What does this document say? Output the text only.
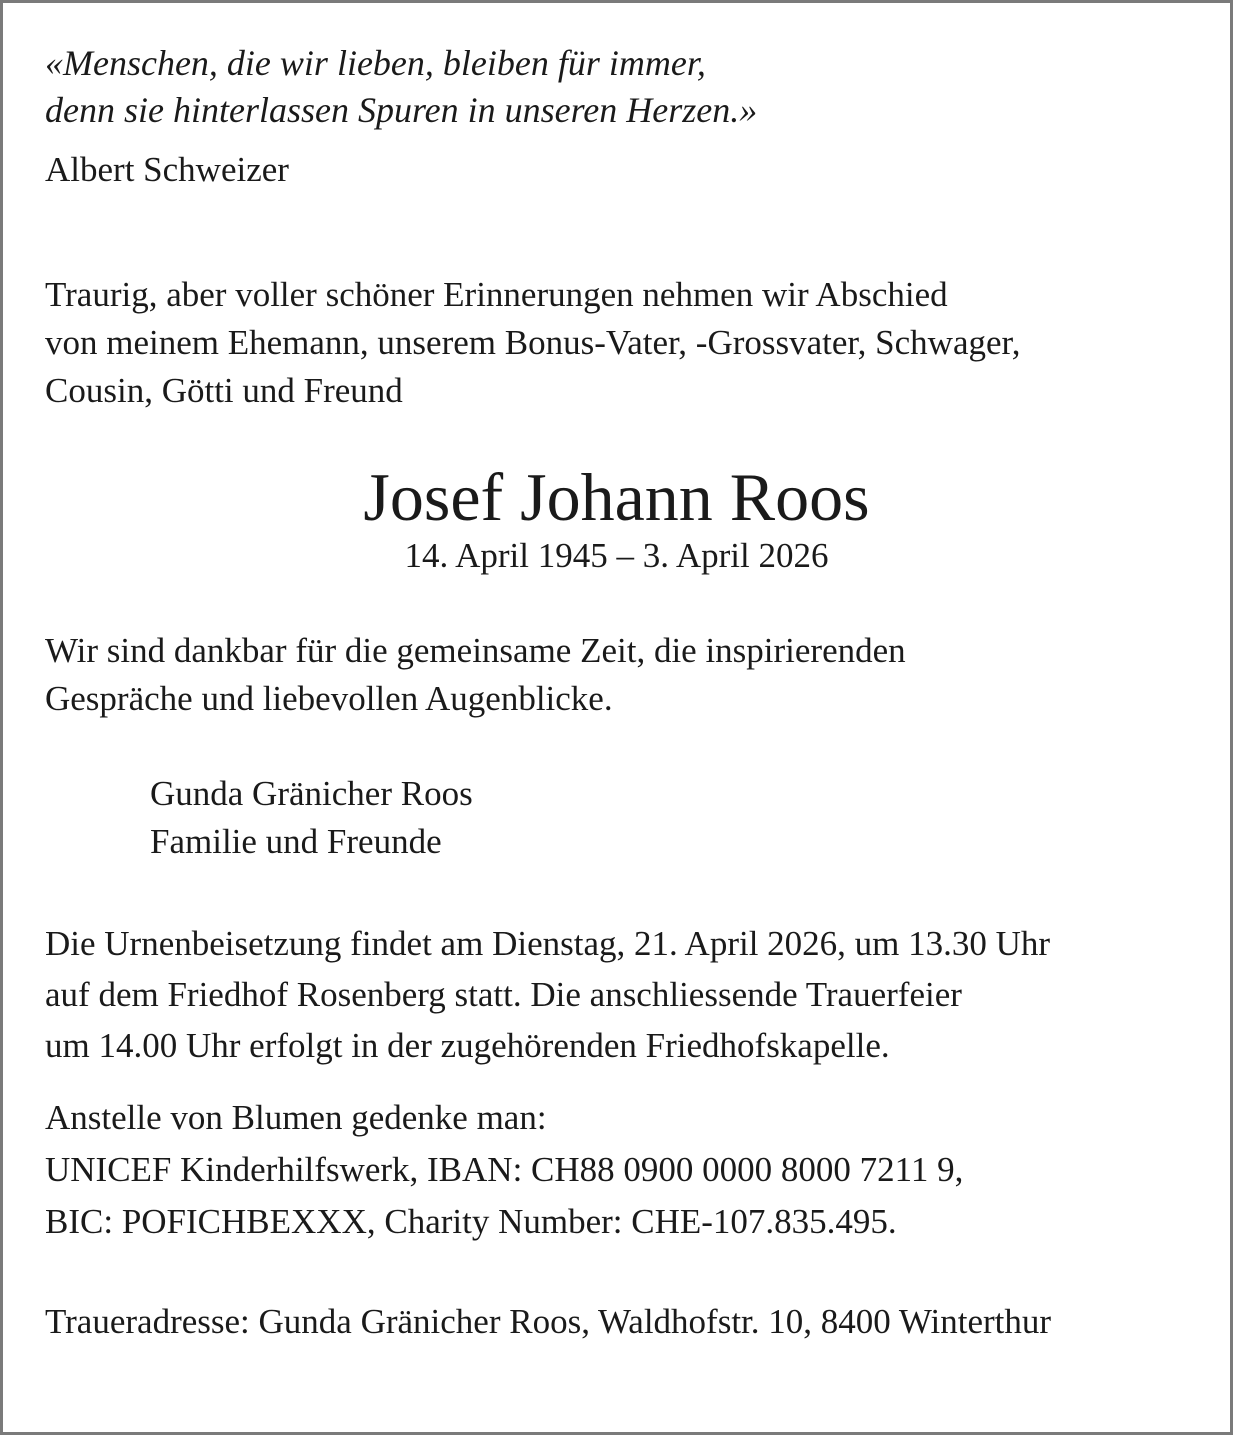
«Menschen, die wir lieben, bleiben für immer,
denn sie hinterlassen Spuren in unseren Herzen.»
Albert Schweizer
Traurig, aber voller schöner Erinnerungen nehmen wir Abschied
von meinem Ehemann, unserem Bonus-Vater, -Grossvater, Schwager,
Cousin, Götti und Freund
Josef Johann Roos
14. April 1945 – 3. April 2026
Wir sind dankbar für die gemeinsame Zeit, die inspirierenden
Gespräche und liebevollen Augenblicke.
Gunda Gränicher Roos
Familie und Freunde
Die Urnenbeisetzung findet am Dienstag, 21. April 2026, um 13.30 Uhr
auf dem Friedhof Rosenberg statt. Die anschliessende Trauerfeier
um 14.00 Uhr erfolgt in der zugehörenden Friedhofskapelle.
Anstelle von Blumen gedenke man:
UNICEF Kinderhilfswerk, IBAN: CH88 0900 0000 8000 7211 9,
BIC: POFICHBEXXX, Charity Number: CHE-107.835.495.
Traueradresse: Gunda Gränicher Roos, Waldhofstr. 10, 8400 Winterthur
